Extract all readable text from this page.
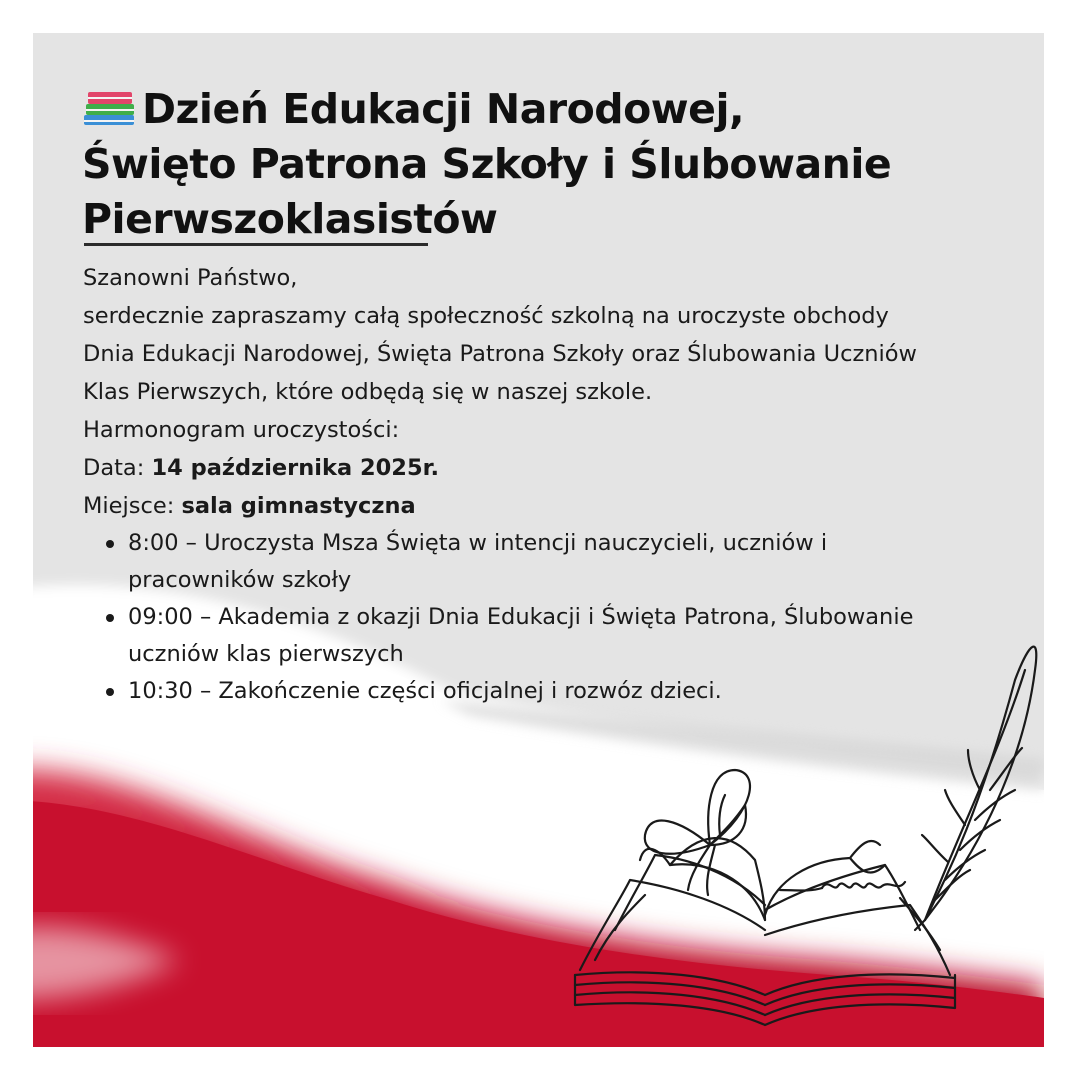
Dzień Edukacji Narodowej,
Święto Patrona Szkoły i Ślubowanie
Pierwszoklasistów

Szanowni Państwo,

serdecznie zapraszamy całą społeczność szkolną na uroczyste obchody

Dnia Edukacji Narodowej, Święta Patrona Szkoły oraz Ślubowania Uczniów

Klas Pierwszych, które odbędą się w naszej szkole.

Harmonogram uroczystości:

Data: 14 października 2025r.

Miejsce: sala gimnastyczna

8:00 – Uroczysta Msza Święta w intencji nauczycieli, uczniów i
pracowników szkoły
09:00 – Akademia z okazji Dnia Edukacji i Święta Patrona, Ślubowanie
uczniów klas pierwszych
10:30 – Zakończenie części oficjalnej i rozwóz dzieci.
